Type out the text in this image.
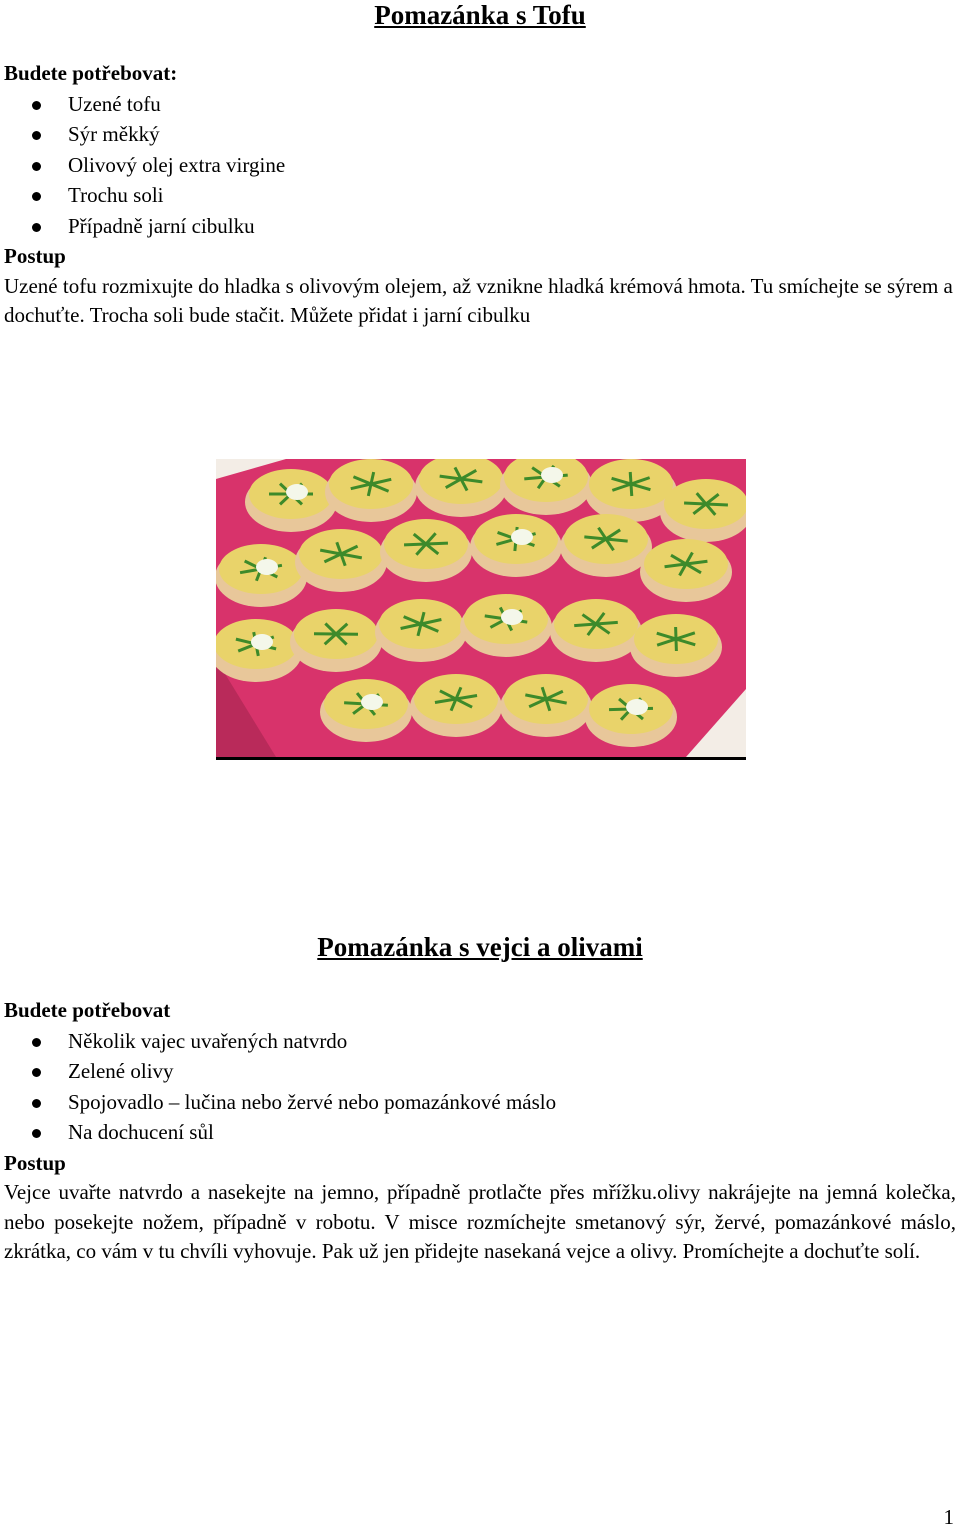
Pomazánka s Tofu

Budete potřebovat:

Uzené tofu
Sýr měkký
Olivový olej extra virgine
Trochu soli
Případně jarní cibulku

Postup

Uzené tofu rozmixujte do hladka s olivovým olejem, až vznikne hladká krémová hmota. Tu smíchejte se sýrem a dochuťte. Trocha soli bude stačit. Můžete přidat i jarní cibulku

Pomazánka s vejci a olivami

Budete potřebovat

Několik vajec uvařených natvrdo
Zelené olivy
Spojovadlo – lučina nebo žervé nebo pomazánkové máslo
Na dochucení sůl

Postup

Vejce uvařte natvrdo a nasekejte na jemno, případně protlačte přes mřížku.olivy nakrájejte na jemná kolečka, nebo posekejte nožem, případně v robotu. V misce rozmíchejte smetanový sýr, žervé, pomazánkové máslo, zkrátka, co vám v tu chvíli vyhovuje. Pak už jen přidejte nasekaná vejce a olivy. Promíchejte a dochuťte solí.

1
